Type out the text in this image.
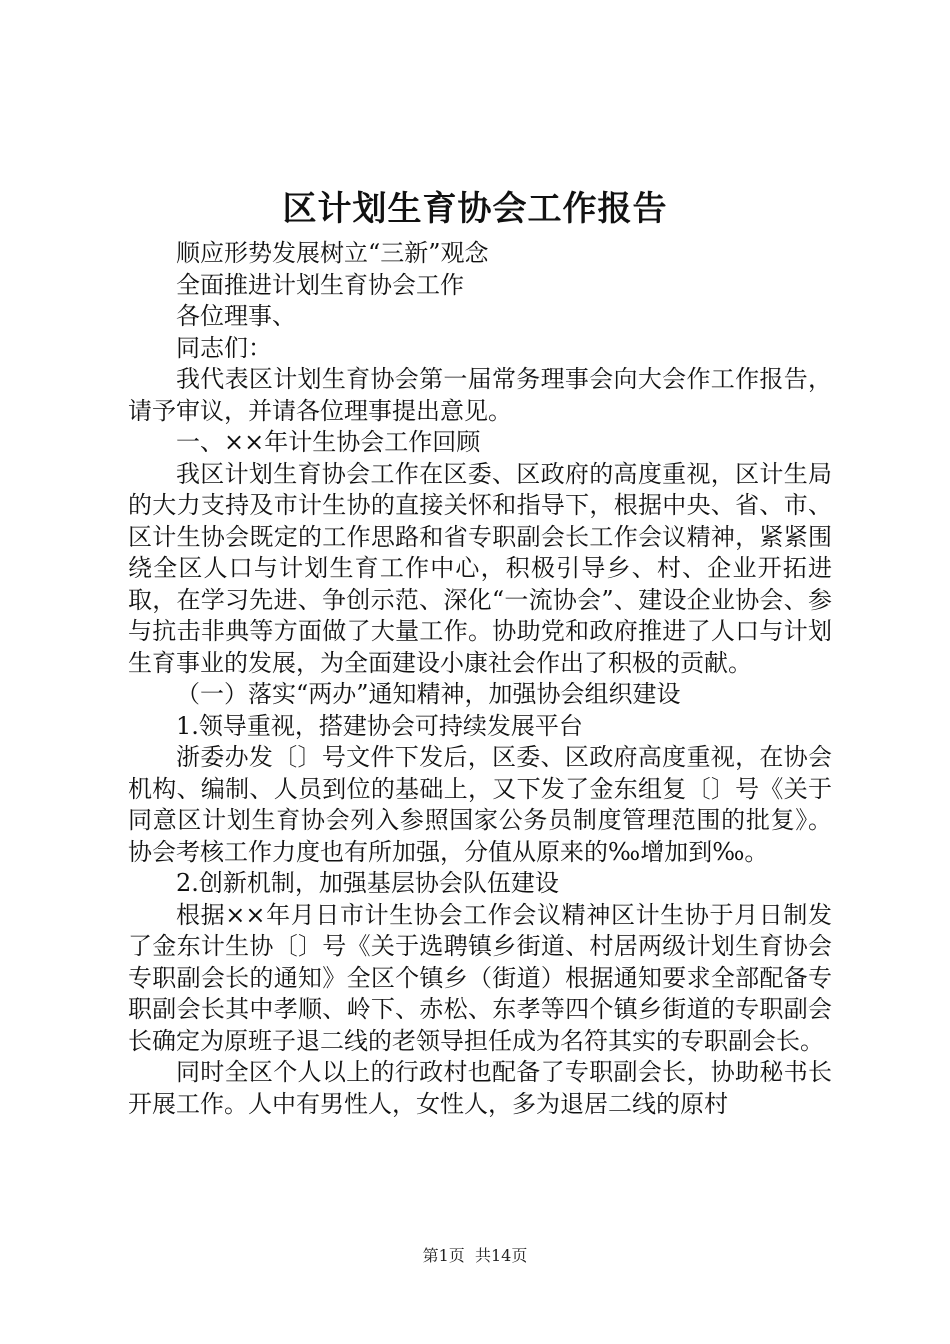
区计划生育协会工作报告

顺应形势发展树立“三新”观念

全面推进计划生育协会工作

各位理事、

同志们：

我代表区计划生育协会第一届常务理事会向大会作工作报告，请予审议，并请各位理事提出意见。

一、××年计生协会工作回顾

我区计划生育协会工作在区委、区政府的高度重视，区计生局的大力支持及市计生协的直接关怀和指导下，根据中央、省、市、区计生协会既定的工作思路和省专职副会长工作会议精神，紧紧围绕全区人口与计划生育工作中心，积极引导乡、村、企业开拓进取，在学习先进、争创示范、深化“一流协会”、建设企业协会、参与抗击非典等方面做了大量工作。协助党和政府推进了人口与计划生育事业的发展，为全面建设小康社会作出了积极的贡献。

（一）落实“两办”通知精神，加强协会组织建设

1.领导重视，搭建协会可持续发展平台

浙委办发〔〕号文件下发后，区委、区政府高度重视，在协会机构、编制、人员到位的基础上，又下发了金东组复〔〕号《关于同意区计划生育协会列入参照国家公务员制度管理范围的批复》。协会考核工作力度也有所加强，分值从原来的‰增加到‰。

2.创新机制，加强基层协会队伍建设

根据××年月日市计生协会工作会议精神区计生协于月日制发了金东计生协〔〕号《关于选聘镇乡街道、村居两级计划生育协会专职副会长的通知》全区个镇乡（街道）根据通知要求全部配备专职副会长其中孝顺、岭下、赤松、东孝等四个镇乡街道的专职副会长确定为原班子退二线的老领导担任成为名符其实的专职副会长。

同时全区个人以上的行政村也配备了专职副会长，协助秘书长开展工作。人中有男性人，女性人，多为退居二线的原村

第1页 共14页
